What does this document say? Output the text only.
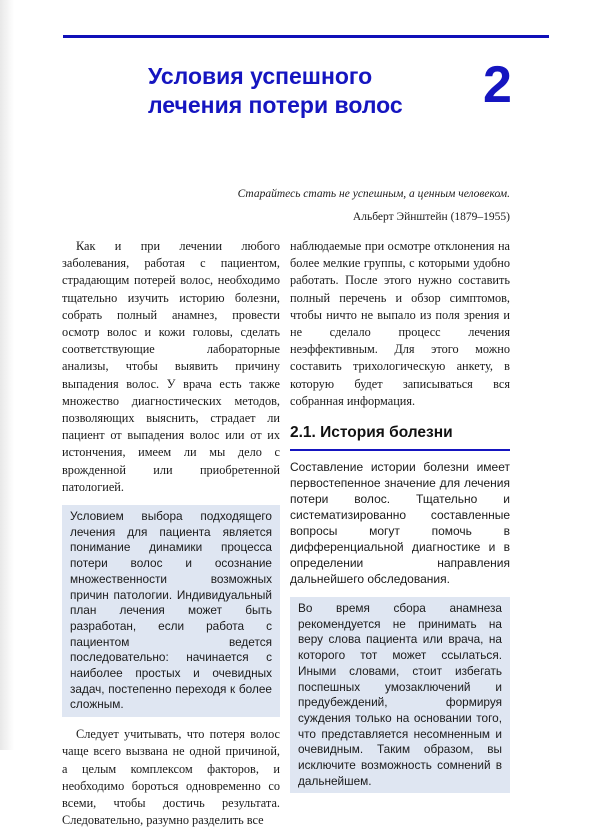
Условия успешного
лечения потери волос 2
Старайтесь стать не успешным, а ценным человеком.
Альберт Эйнштейн (1879–1955)

Как и при лечении любого заболевания, работая с пациентом, страдающим потерей волос, необходимо тщательно изучить историю болезни, собрать полный анамнез, провести осмотр волос и кожи головы, сделать соответствующие лабораторные анализы, чтобы выявить причину выпадения волос. У врача есть также множество диагностических методов, позволяющих выяснить, страдает ли пациент от выпадения волос или от их истончения, имеем ли мы дело с врожденной или приобретенной патологией.

Условием выбора подходящего лечения для пациента является понимание динамики процесса потери волос и осознание множественности возможных причин патологии. Индивидуальный план лечения может быть разработан, если работа с пациентом ведется последовательно: начинается с наиболее простых и очевидных задач, постепенно переходя к более сложным.

Следует учитывать, что потеря волос чаще всего вызвана не одной причиной, а целым комплексом факторов, и необходимо бороться одновременно со всеми, чтобы достичь результата. Следовательно, разумно разделить все

наблюдаемые при осмотре отклонения на более мелкие группы, с которыми удобно работать. После этого нужно составить полный перечень и обзор симптомов, чтобы ничто не выпало из поля зрения и не сделало процесс лечения неэффективным. Для этого можно составить трихологическую анкету, в которую будет записываться вся собранная информация.

2.1. История болезни

Составление истории болезни имеет первостепенное значение для лечения потери волос. Тщательно и систематизированно составленные вопросы могут помочь в дифференциальной диагностике и в определении направления дальнейшего обследования.

Во время сбора анамнеза рекомендуется не принимать на веру слова пациента или врача, на которого тот может ссылаться. Иными словами, стоит избегать поспешных умозаключений и предубеждений, формируя суждения только на основании того, что представляется несомненным и очевидным. Таким образом, вы исключите возможность сомнений в дальнейшем.
